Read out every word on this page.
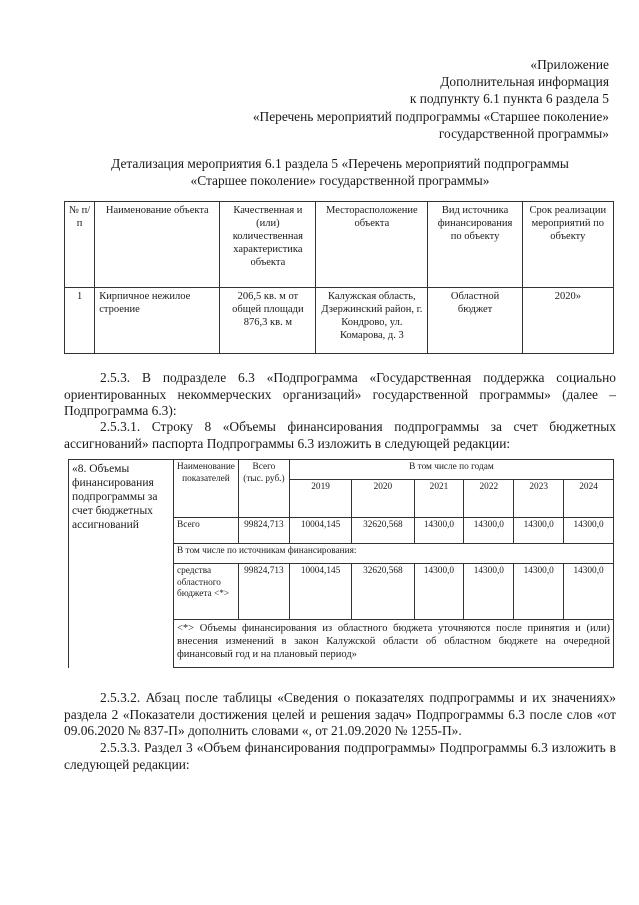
«Приложение
Дополнительная информация
к подпункту 6.1 пункта 6 раздела 5
«Перечень мероприятий подпрограммы «Старшее поколение»
государственной программы»
Детализация мероприятия 6.1 раздела 5 «Перечень мероприятий подпрограммы
«Старшее поколение» государственной программы»
№ п/п	Наименование объекта	Качественная и (или) количественная характеристика объекта	Месторасположение объекта	Вид источника финансирования по объекту	Срок реализации мероприятий по объекту
1	Кирпичное нежилое строение	206,5 кв. м от общей площади 876,3 кв. м	Калужская область, Дзержинский район, г. Кондрово, ул. Комарова, д. 3	Областной бюджет	2020»
2.5.3. В подразделе 6.3 «Подпрограмма «Государственная поддержка социально ориентированных некоммерческих организаций» государственной программы» (далее – Подпрограмма 6.3):
2.5.3.1. Строку 8 «Объемы финансирования подпрограммы за счет бюджетных ассигнований» паспорта Подпрограммы 6.3 изложить в следующей редакции:
«8. Объемы финансирования подпрограммы за счет бюджетных ассигнований	Наименование показателей	Всего (тыс. руб.)	В том числе по годам					
			2019	2020	2021	2022	2023	2024
	Всего	99824,713	10004,145	32620,568	14300,0	14300,0	14300,0	14300,0
	В том числе по источникам финансирования:							
	средства областного бюджета <*>	99824,713	10004,145	32620,568	14300,0	14300,0	14300,0	14300,0
	<*> Объемы финансирования из областного бюджета уточняются после принятия и (или) внесения изменений в закон Калужской области об областном бюджете на очередной финансовый год и на плановый период»							
2.5.3.2. Абзац после таблицы «Сведения о показателях подпрограммы и их значениях» раздела 2 «Показатели достижения целей и решения задач» Подпрограммы 6.3 после слов «от 09.06.2020 № 837-П» дополнить словами «, от 21.09.2020 № 1255-П».
2.5.3.3. Раздел 3 «Объем финансирования подпрограммы» Подпрограммы 6.3 изложить в следующей редакции:
